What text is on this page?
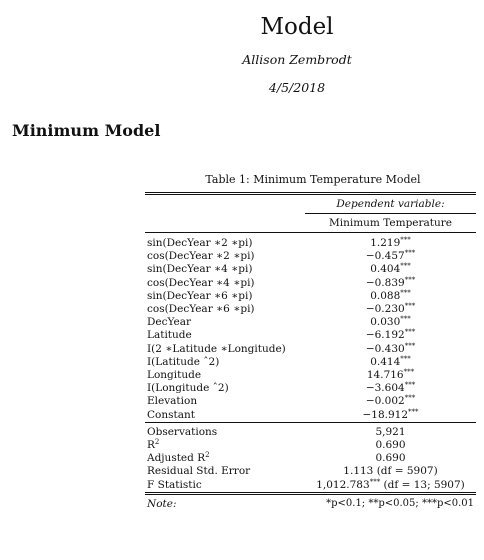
Model
Allison Zembrodt
4/5/2018
Minimum Model
Table 1: Minimum Temperature Model

	Dependent variable:
	Minimum Temperature
sin(DecYear ∗2 ∗pi)	1.219***
cos(DecYear ∗2 ∗pi)	−0.457***
sin(DecYear ∗4 ∗pi)	0.404***
cos(DecYear ∗4 ∗pi)	−0.839***
sin(DecYear ∗6 ∗pi)	0.088***
cos(DecYear ∗6 ∗pi)	−0.230***
DecYear	0.030***
Latitude	−6.192***
I(2 ∗Latitude ∗Longitude)	−0.430***
I(Latitude ˆ2)	0.414***
Longitude	14.716***
I(Longitude ˆ2)	−3.604***
Elevation	−0.002***
Constant	−18.912***

Observations	5,921
$R^2$	0.690
Adjusted $R^2$	0.690
Residual Std. Error	1.113 (df = 5907)
F Statistic	1,012.783*** (df = 13; 5907)

Note:	*p<0.1; **p<0.05; ***p<0.01
